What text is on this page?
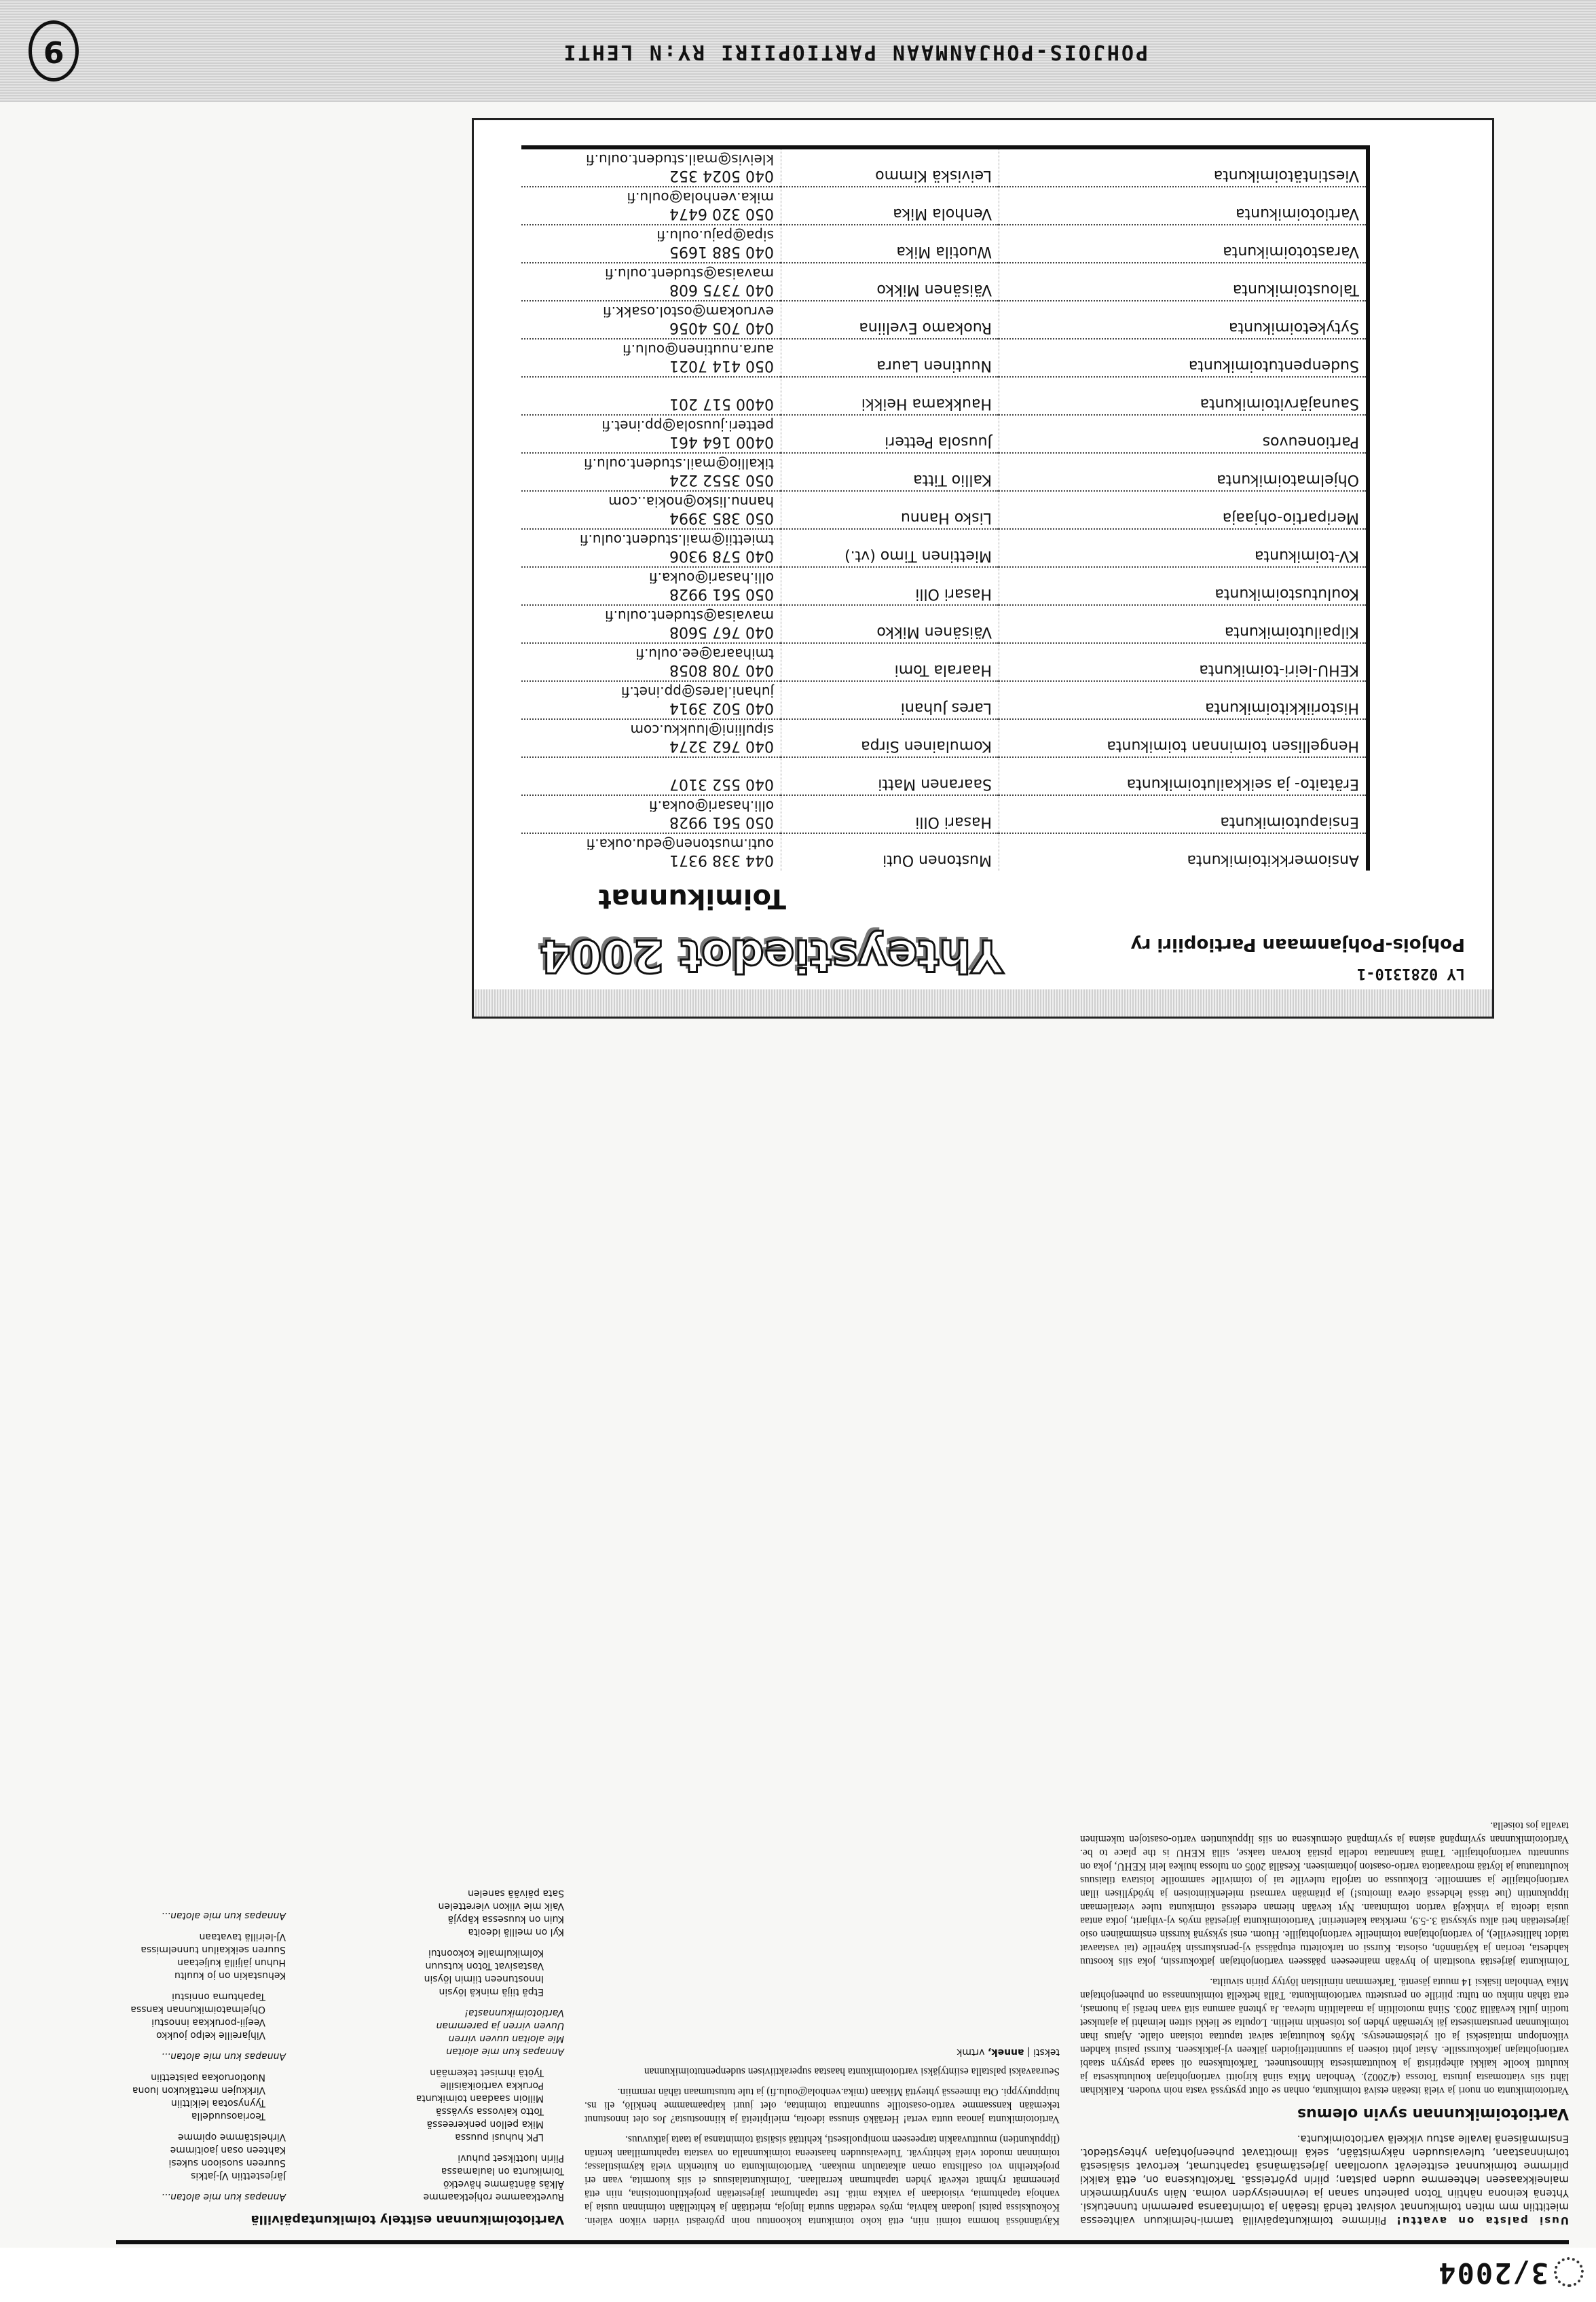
3/2004

Uusi palsta on avattu! Piirimme toimikuntapäivillä tammi-helmikuun vaihteessa mietittiin mm miten toimikunnat voisivat tehdä itseään ja toimintaansa paremmin tunnetuksi. Yhtenä keinona nähtiin Toton painetun sanan ja levinneisyyden voima. Näin synnytimmekin maineikkaaseen lehteemme uuden palstan; piirin pyörteissä. Tarkoituksena on, että kaikki piirimme toimikunnat esittelevät vuorollaan järjestämänsä tapahtumat, kertovat sisäisestä toiminnastaan, tulevaisuuden näkymistään, sekä ilmoittavat puheenjohtajan yhteystiedot. Ensimmäisenä lavalle astuu vikkelä vartiotoimikunta.

Vartiotoimikunnan syvin olemus

Vartiotoimikunta on nuori ja vielä itseään etsivä toimikunta, onhan se ollut pystyssä vasta noin vuoden. Kaikkihan lähti siis viattomasta jutusta Totossa (4/2002). Venholan Mika siinä kirjoitti vartionjohtajan koulutuksesta ja kuulutti koolle kaikki aihepiiristä ja kouluttamisesta kiinnostuneet. Tarkoituksena oli saada pystyyn staabi vartionjohtajan jatkokurssille. Asiat johti toiseen ja suunnittelijoiden jälkeen vj-jatkikseen. Kurssi paisui kahden viikonlopun mittaiseksi ja oli yleisömenestys. Myös kouluttajat saivat taputtaa toisiaan olalle. Ajatus ihan toimikunnan perustamisesta jäi kytemään yhden jos toisenkin mieliin. Lopulta se liekki sitten leimahti ja ajatukset tuotiin julki keväällä 2003. Siinä muotoiltiin ja maalailtiin tulevaa. Ja yhtenä aamuna sitä vaan heräsi ja huomasi, että tähän niinku on tultu: piirille on perustettu vartiotoimikunta. Tällä hetkellä toimikunnassa on puheenjohtajan Mika Venholan lisäksi 14 muuta jäsentä. Tarkemman nimilistan löytyy piirin sivuilta.

Toimikunta järjestää vuosittain jo hyvään maineeseen päässeen vartionjohtajan jatkokurssin, joka siis koostuu kahdesta, teorian ja käytännön, osiosta. Kurssi on tarkoitettu etupäässä vj-peruskurssin käyneille (tai vastaavat taidot hallitseville), jo vartionjohtajana toimineille vartionjohtajille. Huom. ensi syksynä kurssin ensimmäinen osio järjestetään heti alku syksystä 3.-5.9, merkkaa kalenteriin! Vartiotoimikunta järjestää myös vj-vihjarit, jotka antaa uusia ideoita ja vinkkejä vartion toimintaan. Nyt kevään hieman edetessä toimikunta tulee vierailemaan lippukuntiin (lue tässä lehdessä oleva ilmoitus!) ja pitämään varmasti mielenkiintoisen ja hyödyllisen illan vartionjohtajille ja sammoille. Elokuussa on tarjolla tuleville tai jo toimiville sammoille loistava tilaisuus kouluttautua ja löytää motivaatiota vartio-osaston johtamiseen. Kesällä 2005 on tulossa huikea leiri KEHU, joka on suunnattu vartionjohtajille. Tämä kannattaa todella pistää korvan taakse, sillä KEHU is the place to be. Vartiotoimikunnan syvimpänä asiana ja syvimpänä olemuksena on siis lippukuntien vartio-osastojen tukeminen tavalla jos toisella.

Käytännössä homma toimii niin, että koko toimikunta kokoontuu noin pyöreästi viiden viikon välein. Kokouksissa paitsi juodaan kahvia, myös vedetään suuria linjoja, mietitään ja kehitellään toiminnan uusia ja vanhoja tapahtumia, visioidaan ja vaikka mitä. Itse tapahtumat järjestetään projektiluontoisina, niin että pienemmät ryhmät tekevät yhden tapahtuman kerrallaan. Toimikuntalaisuus ei siis kuormita, vaan eri projekteihin voi osallistua oman aikataulun mukaan. Vartiotoimikunta on kuitenkin vielä käymistilassa; toiminnan muodot vielä kehittyvät. Tulevaisuuden haasteena toimikunnalla on vastata tapahtumillaan kentän (lippukuntien) muuttuvaakin tarpeeseen monipuolisesti, kehittää sisäistä toimintansa ja taata jatkuvuus.

Vartiotoimikunta janoaa uutta verta! Herääkö sinussa ideoita, mielipiteitä ja kiinnostusta? Jos olet innostunut tekemään kanssamme vartio-osastoille suunnattua toimintaa, olet juuri kaipaamamme henkilö, eli ns. huipputyyppi. Ota ihmeessä yhteyttä Mikaan (mika.venhola@oulu.fi) ja tule tutustumaan tähän remmiin.

Seuraavaksi palstalla esiintyjäksi vartiotoimikunta haastaa superaktiivisen sudenpentutoimikunnan

teksti | annek, vrtmk
Vartiotoimikunnan esittely toimikuntapäivillä
Ruvetkaamme rohjetkaamme
Älkäs ääntämme hävetkö
Toimikunta on laulamassa
Piirin luottikset puhuvi
LPK huhusi puussa
Mika pellon penkereessä
Totto kaivossa syvässä
Milloin saadaan toimikunta
Porukka vartioikäisille
Työtä ihmiset tekemään
Annapas kun mie aloitan
Mie aloitan uuven virren
Uuven virren ja paremman
Vartiotoimikunnasta!
Etpä tiijä minkä löysin
Innostuneen tiimin löysin
Vastasivat Toton kutsuun
Kolmikulmalle kokoontui
Kyl on meillä ideoita
Kuin on kuusessa käpyjä
Vaik mie viikon vierettelen
Sata päivää sanelen
Annapas kun mie alotan...
Järjestettiin VJ-jatkis
Suureen suosioon sukesi
Kahteen osan jaoitimme
Virheistämme opimme
Teoriaosuudella
Tyynysotaa leikittiin
Virkkujen mettäkukon luona
Nuotioruokaa paistettiin
Annapas kun mie alotan...
Vihjareille kelpo joukko
Veejii-porukkaa innostui
Ohjelmatoimikunnan kanssa
Tapahtuma onnistui
Kehustakin on jo kuultu
Huhun jäljillä kuljetaan
Suuren seikkailun tunnelmissa
VJ-leirillä tavataan
Annapas kun mie alotan...
LY 0281310-1
Pohjois-Pohjanmaan Partiopiiri ry
Yhteystiedot 2004
Toimikunnat
Ansiomerkkitoimikunta	Mustonen Outi	044 338 9371
outi.mustonen@edu.ouka.fi

Ensiaputoimikunta	Hasari Olli	050 561 9928
olli.hasari@ouka.fi

Erätaito- ja seikkailutoimikunta	Saaranen Matti	040 552 3107

Hengellisen toiminnan toimikunta	Komulainen Sirpa	040 762 3274
sipuliini@luukku.com

Historiikkitoimikunta	Lares Juhani	040 502 3914
juhani.lares@pp.inet.fi

KEHU-leiri-toimikunta	Haarala Tomi	040 708 8058
tmihaara@ee.oulu.fi

Kilpailutoimikunta	Väisänen Mikko	040 767 5608
mavaisa@student.oulu.fi

Koulutustoimikunta	Hasari Olli	050 561 9928
olli.hasari@ouka.fi

KV-toimikunta	Miettinen Timo (vt.)	040 578 9306
tmiettii@mail.student.oulu.fi

Meripartio-ohjaaja	Lisko Hannu	050 385 3994
hannu.lisko@nokia..com

Ohjelmatoimikunta	Kallio Titta	050 3552 224
tikallio@mail.student.oulu.fi

Partioneuvos	Juusola Petteri	0400 164 461
petteri.juusola@pp.inet.fi

Saunajärvitoimikunta	Haukkama Heikki	0400 517 201

Sudenpentutoimikunta	Nuutinen Laura	050 414 7021
aura.nuutinen@oulu.fi

Sytyketoimikunta	Ruokamo Eveliina	040 705 4056
evruokam@ostol.osakk.fi

Taloustoimikunta	Väisänen Mikko	040 7375 608
mavaisa@student.oulu.fi

Varastotoimikunta	Wuotila Mika	040 588 1695
sipa@paju.oulu.fi

Vartiotoimikunta	Venhola Mika	050 320 6474
mika.venhola@oulu.fi

Viestintätoimikunta	Leiviskä Kimmo	040 5024 352
kleivis@mail.student.oulu.fi
POHJOIS-POHJANMAAN PARTIOPIIRI RY:N LEHTI
9
